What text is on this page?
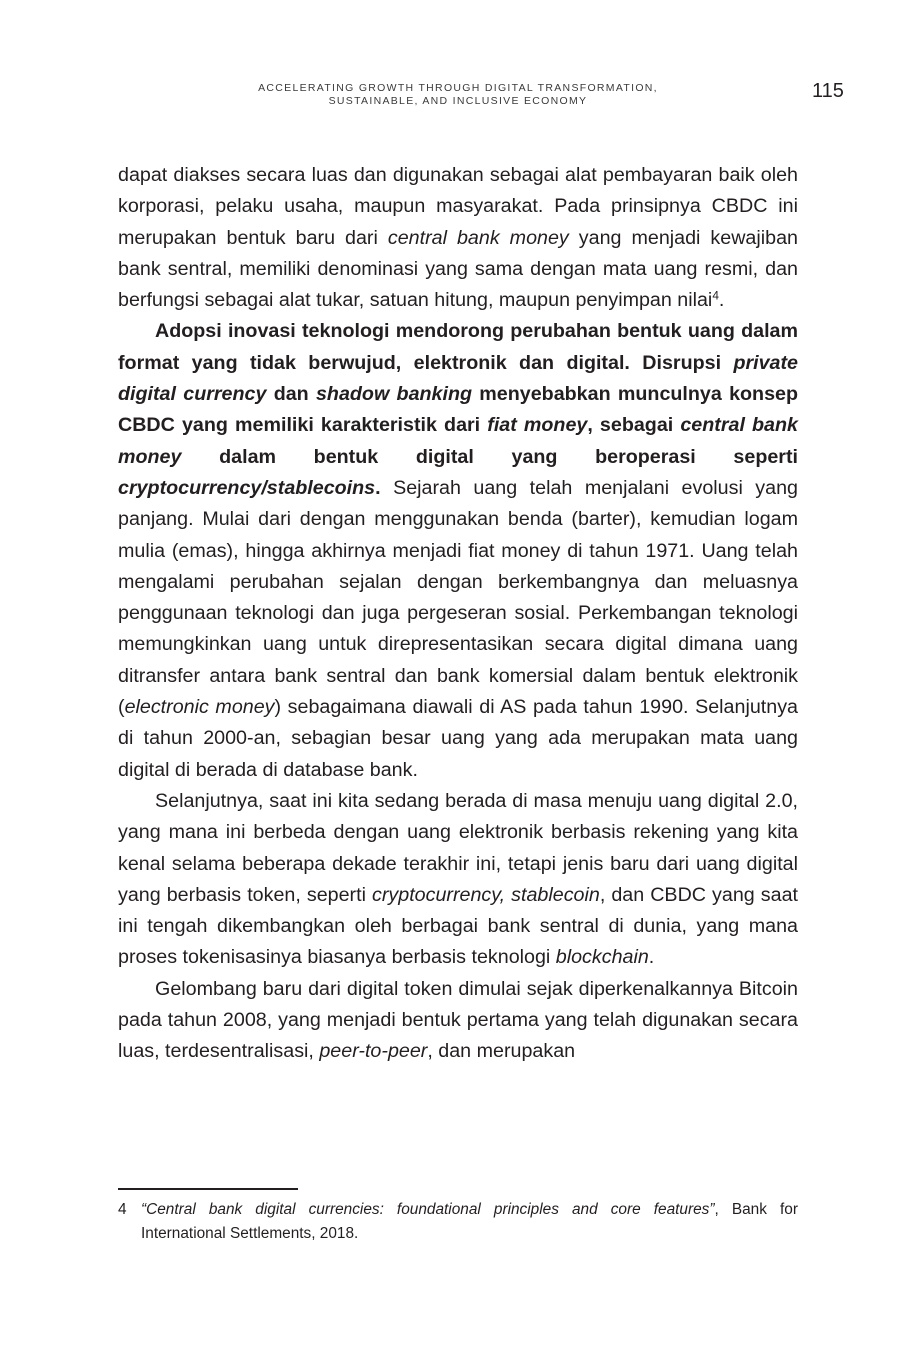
ACCELERATING GROWTH THROUGH DIGITAL TRANSFORMATION,
SUSTAINABLE, AND INCLUSIVE ECONOMY	115

dapat diakses secara luas dan digunakan sebagai alat pembayaran baik oleh korporasi, pelaku usaha, maupun masyarakat. Pada prinsipnya CBDC ini merupakan bentuk baru dari central bank money yang menjadi kewajiban bank sentral, memiliki denominasi yang sama dengan mata uang resmi, dan berfungsi sebagai alat tukar, satuan hitung, maupun penyimpan nilai$^4$.

Adopsi inovasi teknologi mendorong perubahan bentuk uang dalam format yang tidak berwujud, elektronik dan digital. Disrupsi private digital currency dan shadow banking menyebabkan munculnya konsep CBDC yang memiliki karakteristik dari fiat money, sebagai central bank money dalam bentuk digital yang beroperasi seperti cryptocurrency/stablecoins. Sejarah uang telah menjalani evolusi yang panjang. Mulai dari dengan menggunakan benda (barter), kemudian logam mulia (emas), hingga akhirnya menjadi fiat money di tahun 1971. Uang telah mengalami perubahan sejalan dengan berkembangnya dan meluasnya penggunaan teknologi dan juga pergeseran sosial. Perkembangan teknologi memungkinkan uang untuk direpresentasikan secara digital dimana uang ditransfer antara bank sentral dan bank komersial dalam bentuk elektronik (electronic money) sebagaimana diawali di AS pada tahun 1990. Selanjutnya di tahun 2000-an, sebagian besar uang yang ada merupakan mata uang digital di berada di database bank.

Selanjutnya, saat ini kita sedang berada di masa menuju uang digital 2.0, yang mana ini berbeda dengan uang elektronik berbasis rekening yang kita kenal selama beberapa dekade terakhir ini, tetapi jenis baru dari uang digital yang berbasis token, seperti cryptocurrency, stablecoin, dan CBDC yang saat ini tengah dikembangkan oleh berbagai bank sentral di dunia, yang mana proses tokenisasinya biasanya berbasis teknologi blockchain.

Gelombang baru dari digital token dimulai sejak diperkenalkannya Bitcoin pada tahun 2008, yang menjadi bentuk pertama yang telah digunakan secara luas, terdesentralisasi, peer-to-peer, dan merupakan

4 “Central bank digital currencies: foundational principles and core features”, Bank for International Settlements, 2018.
